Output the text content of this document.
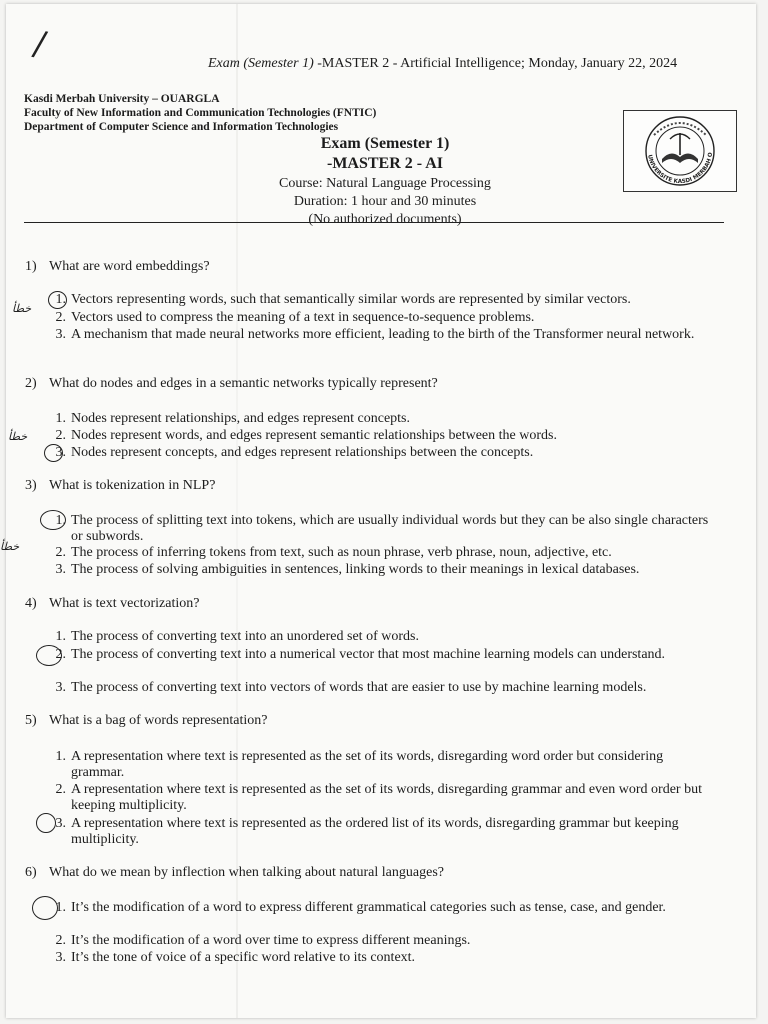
/	Exam (Semester 1) -MASTER 2 - Artificial Intelligence; Monday, January 22, 2024
Kasdi Merbah University – OUARGLA
Faculty of New Information and Communication Technologies (FNTIC)
Department of Computer Science and Information Technologies
UNIVERSITE KASDI MERBAH O
Exam (Semester 1)
-MASTER 2 - AI
Course: Natural Language Processing
Duration: 1 hour and 30 minutes
(No authorized documents)
1) What are word embeddings?
1. Vectors representing words, such that semantically similar words are represented by similar vectors.
2. Vectors used to compress the meaning of a text in sequence-to-sequence problems.
3. A mechanism that made neural networks more efficient, leading to the birth of the Transformer neural network.
خطأ
2) What do nodes and edges in a semantic networks typically represent?
1. Nodes represent relationships, and edges represent concepts.
2. Nodes represent words, and edges represent semantic relationships between the words.
3. Nodes represent concepts, and edges represent relationships between the concepts.
خطأ
3) What is tokenization in NLP?
1. The process of splitting text into tokens, which are usually individual words but they can be also single characters or subwords.
2. The process of inferring tokens from text, such as noun phrase, verb phrase, noun, adjective, etc.
3. The process of solving ambiguities in sentences, linking words to their meanings in lexical databases.
خطأ
4) What is text vectorization?
1. The process of converting text into an unordered set of words.
2. The process of converting text into a numerical vector that most machine learning models can understand.
3. The process of converting text into vectors of words that are easier to use by machine learning models.
5) What is a bag of words representation?
1. A representation where text is represented as the set of its words, disregarding word order but considering grammar.
2. A representation where text is represented as the set of its words, disregarding grammar and even word order but keeping multiplicity.
3. A representation where text is represented as the ordered list of its words, disregarding grammar but keeping multiplicity.
6) What do we mean by inflection when talking about natural languages?
1. It’s the modification of a word to express different grammatical categories such as tense, case, and gender.
2. It’s the modification of a word over time to express different meanings.
3. It’s the tone of voice of a specific word relative to its context.
